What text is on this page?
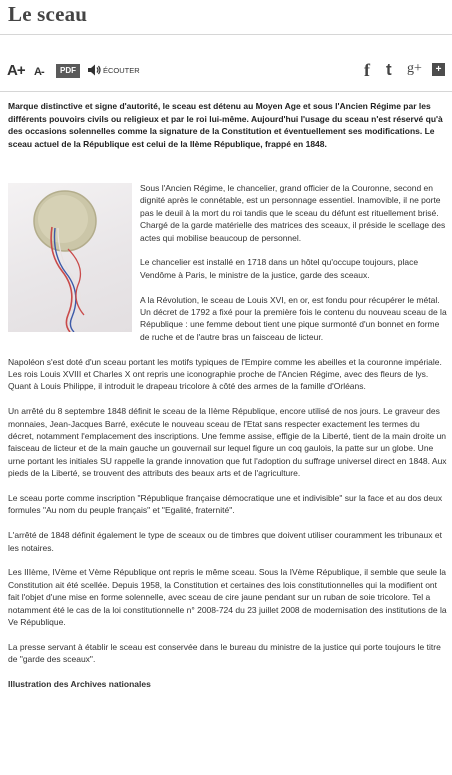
Le sceau
A+ A-	PDF	ÉCOUTER	f t g+	+
Marque distinctive et signe d'autorité, le sceau est détenu au Moyen Age et sous l'Ancien Régime par les différents pouvoirs civils ou religieux et par le roi lui-même. Aujourd'hui l'usage du sceau n'est réservé qu'à des occasions solennelles comme la signature de la Constitution et éventuellement ses modifications. Le sceau actuel de la République est celui de la IIème République, frappé en 1848.

Sous l'Ancien Régime, le chancelier, grand officier de la Couronne, second en dignité après le connétable, est un personnage essentiel. Inamovible, il ne porte pas le deuil à la mort du roi tandis que le sceau du défunt est rituellement brisé. Chargé de la garde matérielle des matrices des sceaux, il préside le scellage des actes qui mobilise beaucoup de personnel.

Le chancelier est installé en 1718 dans un hôtel qu'occupe toujours, place Vendôme à Paris, le ministre de la justice, garde des sceaux.

A la Révolution, le sceau de Louis XVI, en or, est fondu pour récupérer le métal. Un décret de 1792 a fixé pour la première fois le contenu du nouveau sceau de la République : une femme debout tient une pique surmonté d'un bonnet en forme de ruche et de l'autre bras un faisceau de licteur.

Napoléon s'est doté d'un sceau portant les motifs typiques de l'Empire comme les abeilles et la couronne impériale. Les rois Louis XVIII et Charles X ont repris une iconographie proche de l'Ancien Régime, avec des fleurs de lys. Quant à Louis Philippe, il introduit le drapeau tricolore à côté des armes de la famille d'Orléans.

Un arrêté du 8 septembre 1848 définit le sceau de la IIème République, encore utilisé de nos jours. Le graveur des monnaies, Jean-Jacques Barré, exécute le nouveau sceau de l'Etat sans respecter exactement les termes du décret, notamment l'emplacement des inscriptions. Une femme assise, effigie de la Liberté, tient de la main droite un faisceau de licteur et de la main gauche un gouvernail sur lequel figure un coq gaulois, la patte sur un globe. Une urne portant les initiales SU rappelle la grande innovation que fut l'adoption du suffrage universel direct en 1848. Aux pieds de la Liberté, se trouvent des attributs des beaux arts et de l'agriculture.

Le sceau porte comme inscription "République française démocratique une et indivisible" sur la face et au dos deux formules "Au nom du peuple français" et "Egalité, fraternité".

L'arrêté de 1848 définit également le type de sceaux ou de timbres que doivent utiliser couramment les tribunaux et les notaires.

Les IIIème, IVème et Vème République ont repris le même sceau. Sous la IVème République, il semble que seule la Constitution ait été scellée. Depuis 1958, la Constitution et certaines des lois constitutionnelles qui la modifient ont fait l'objet d'une mise en forme solennelle, avec sceau de cire jaune pendant sur un ruban de soie tricolore. Tel a notamment été le cas de la loi constitutionnelle n° 2008-724 du 23 juillet 2008 de modernisation des institutions de la Ve République.

La presse servant à établir le sceau est conservée dans le bureau du ministre de la justice qui porte toujours le titre de "garde des sceaux".

Illustration des Archives nationales
